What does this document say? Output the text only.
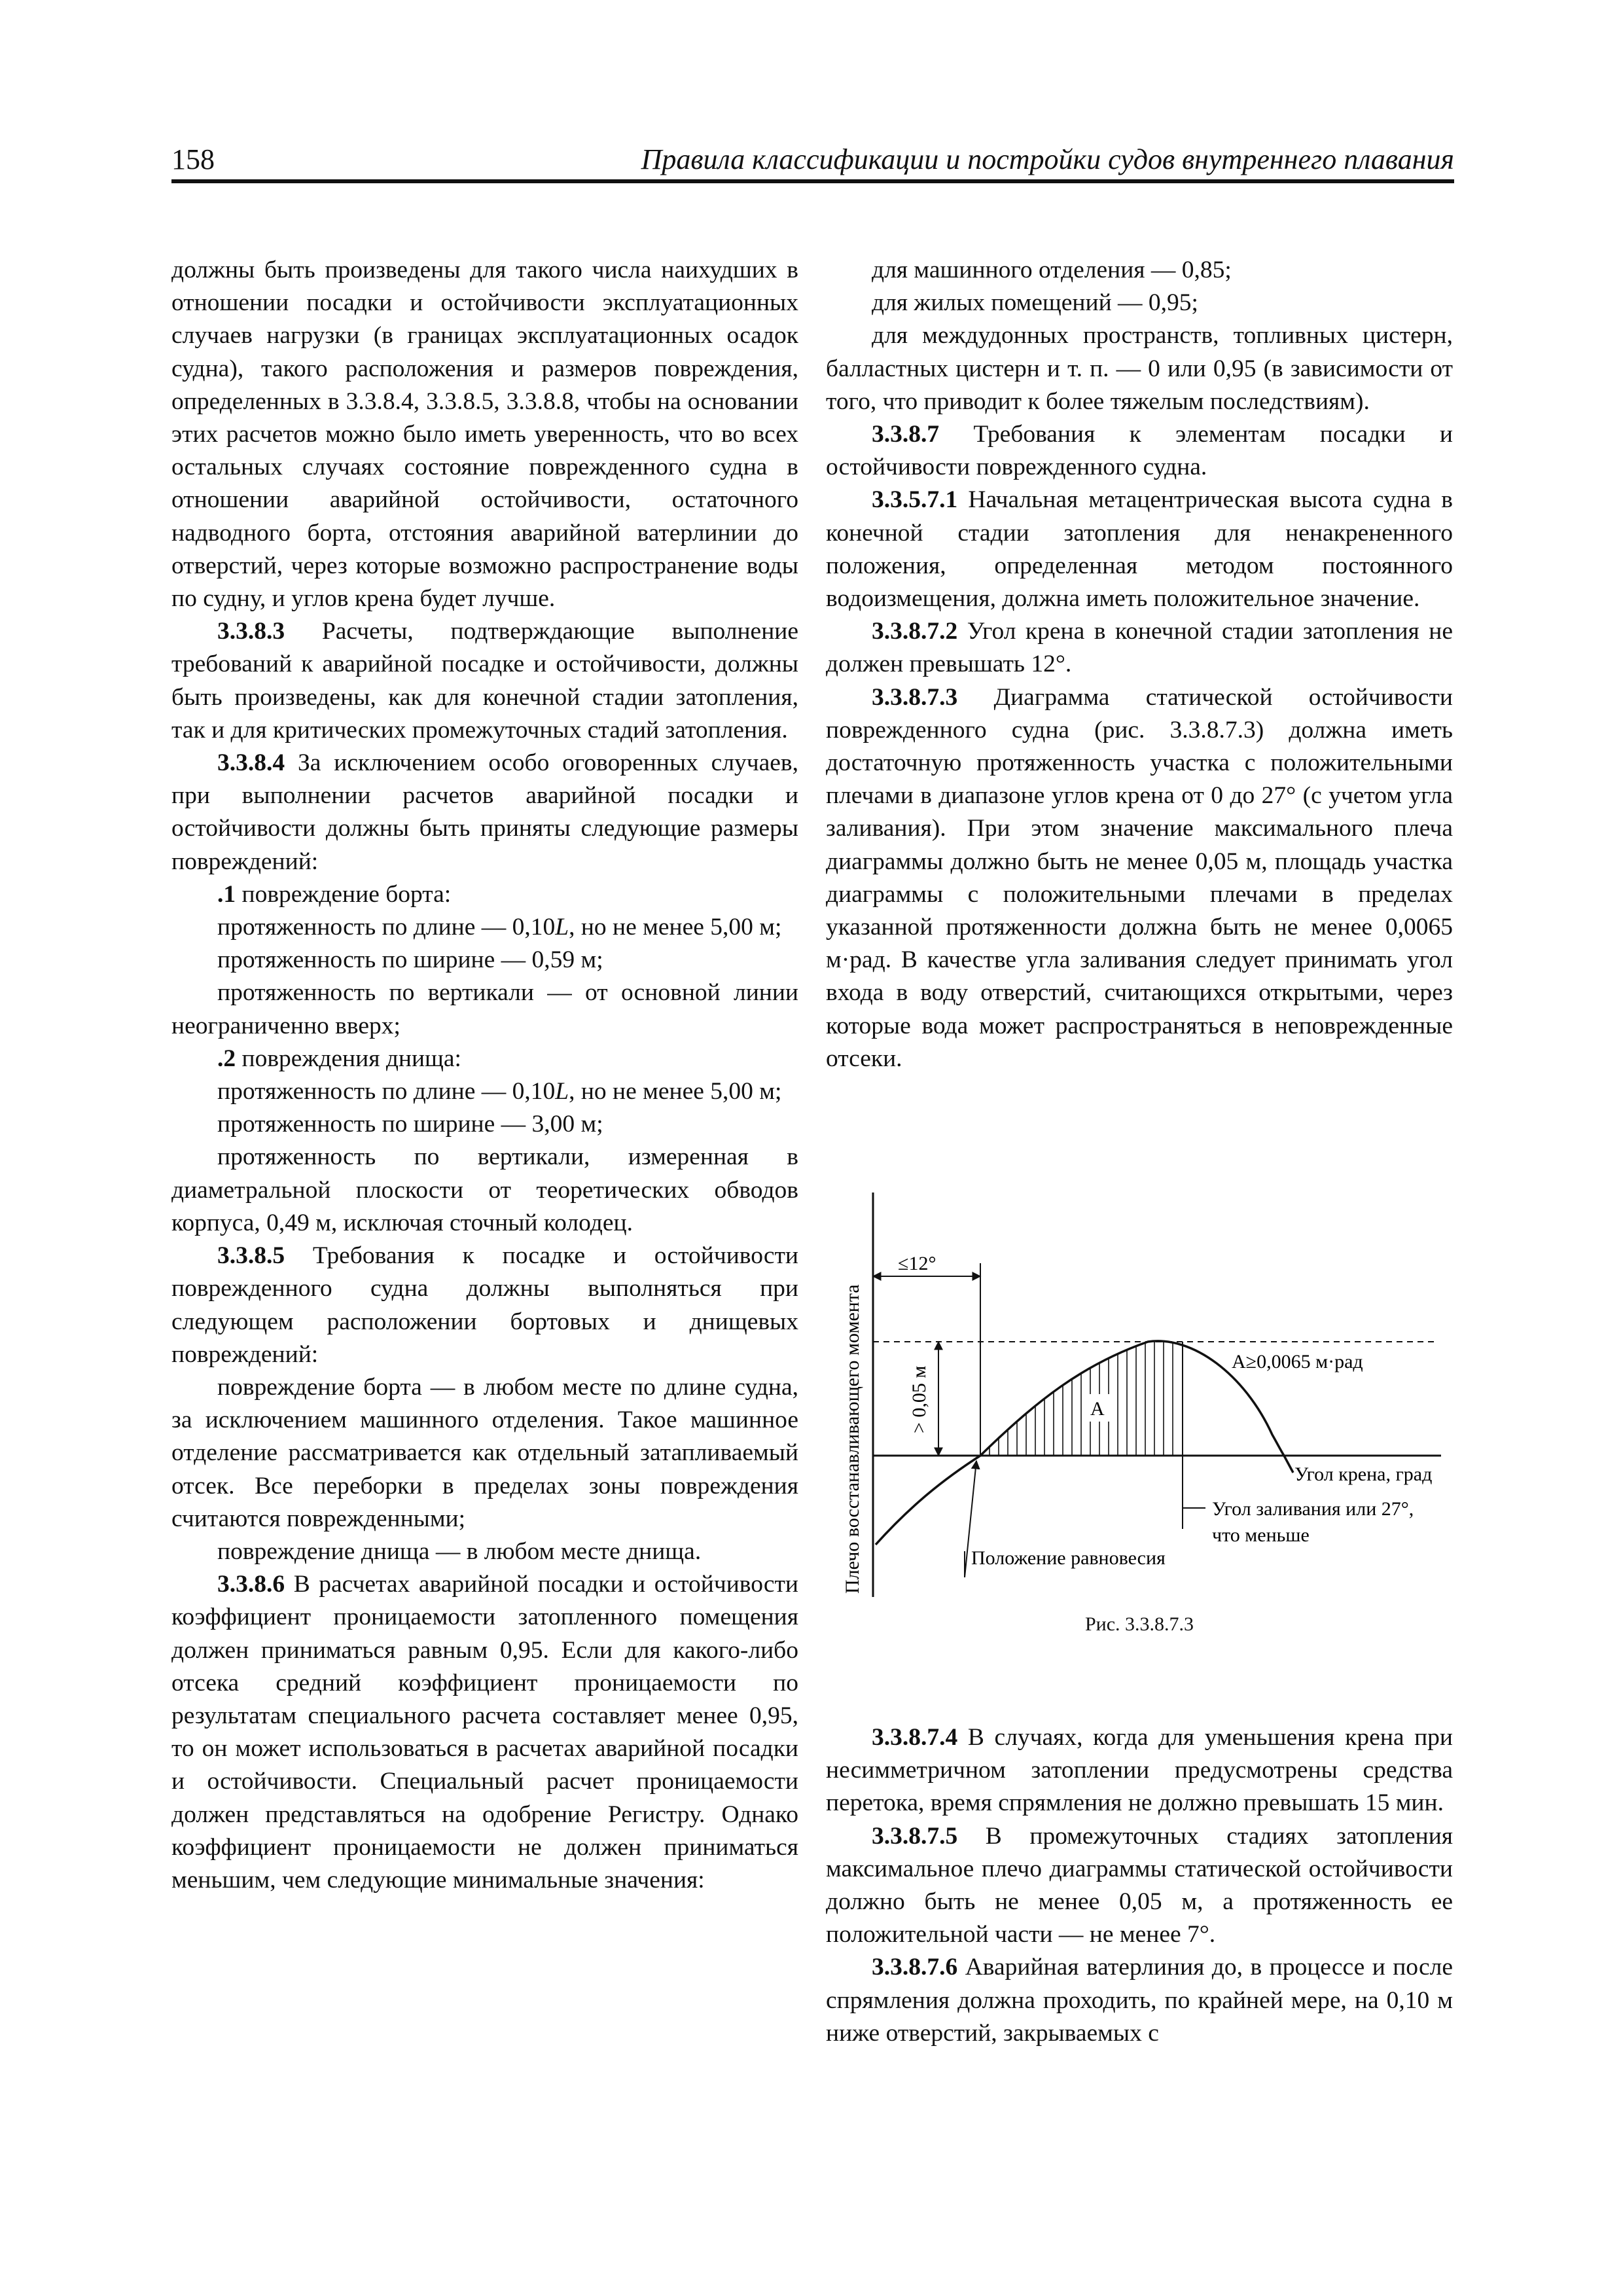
158	Правила классификации и постройки судов внутреннего плавания

должны быть произведены для такого числа наихудших в отношении посадки и остойчивости эксплуатационных случаев нагрузки (в границах эксплуатационных осадок судна), такого расположения и размеров повреждения, определенных в 3.3.8.4, 3.3.8.5, 3.3.8.8, чтобы на основании этих расчетов можно было иметь уверенность, что во всех остальных случаях состояние поврежденного судна в отношении аварийной остойчивости, остаточного надводного борта, отстояния аварийной ватерлинии до отверстий, через которые возможно распространение воды по судну, и углов крена будет лучше.

3.3.8.3 Расчеты, подтверждающие выполнение требований к аварийной посадке и остойчивости, должны быть произведены, как для конечной стадии затопления, так и для критических промежуточных стадий затопления.

3.3.8.4 За исключением особо оговоренных случаев, при выполнении расчетов аварийной посадки и остойчивости должны быть приняты следующие размеры повреждений:

.1 повреждение борта:

протяженность по длине — 0,10L, но не менее 5,00 м;

протяженность по ширине — 0,59 м;

протяженность по вертикали — от основной линии неограниченно вверх;

.2 повреждения днища:

протяженность по длине — 0,10L, но не менее 5,00 м;

протяженность по ширине — 3,00 м;

протяженность по вертикали, измеренная в диаметральной плоскости от теоретических обводов корпуса, 0,49 м, исключая сточный колодец.

3.3.8.5 Требования к посадке и остойчивости поврежденного судна должны выполняться при следующем расположении бортовых и днищевых повреждений:

повреждение борта — в любом месте по длине судна, за исключением машинного отделения. Такое машинное отделение рассматривается как отдельный затапливаемый отсек. Все переборки в пределах зоны повреждения считаются поврежденными;

повреждение днища — в любом месте днища.

3.3.8.6 В расчетах аварийной посадки и остойчивости коэффициент проницаемости затопленного помещения должен приниматься равным 0,95. Если для какого-либо отсека средний коэффициент проницаемости по результатам специального расчета составляет менее 0,95, то он может использоваться в расчетах аварийной посадки и остойчивости. Специальный расчет проницаемости должен представляться на одобрение Регистру. Однако коэффициент проницаемости не должен приниматься меньшим, чем следующие минимальные значения:

для машинного отделения — 0,85;

для жилых помещений — 0,95;

для междудонных пространств, топливных цистерн, балластных цистерн и т. п. — 0 или 0,95 (в зависимости от того, что приводит к более тяжелым последствиям).

3.3.8.7 Требования к элементам посадки и остойчивости поврежденного судна.

3.3.5.7.1 Начальная метацентрическая высота судна в конечной стадии затопления для ненакрененного положения, определенная методом постоянного водоизмещения, должна иметь положительное значение.

3.3.8.7.2 Угол крена в конечной стадии затопления не должен превышать 12°.

3.3.8.7.3 Диаграмма статической остойчивости поврежденного судна (рис. 3.3.8.7.3) должна иметь достаточную протяженность участка с положительными плечами в диапазоне углов крена от 0 до 27° (с учетом угла заливания). При этом значение максимального плеча диаграммы должно быть не менее 0,05 м, площадь участка диаграммы с положительными плечами в пределах указанной протяженности должна быть не менее 0,0065 м·рад. В качестве угла заливания следует принимать угол входа в воду отверстий, считающихся открытыми, через которые вода может распространяться в неповрежденные отсеки.

Плечо восстанавливающего момента	A
≤12°
> 0,05 м
A≥0,0065 м·рад
Угол крена, град
Угол заливания или 27°,
что меньше
Положение равновесия
Рис. 3.3.8.7.3

3.3.8.7.4 В случаях, когда для уменьшения крена при несимметричном затоплении предусмотрены средства перетока, время спрямления не должно превышать 15 мин.

3.3.8.7.5 В промежуточных стадиях затопления максимальное плечо диаграммы статической остойчивости должно быть не менее 0,05 м, а протяженность ее положительной части — не менее 7°.

3.3.8.7.6 Аварийная ватерлиния до, в процессе и после спрямления должна проходить, по крайней мере, на 0,10 м ниже отверстий, закрываемых с
